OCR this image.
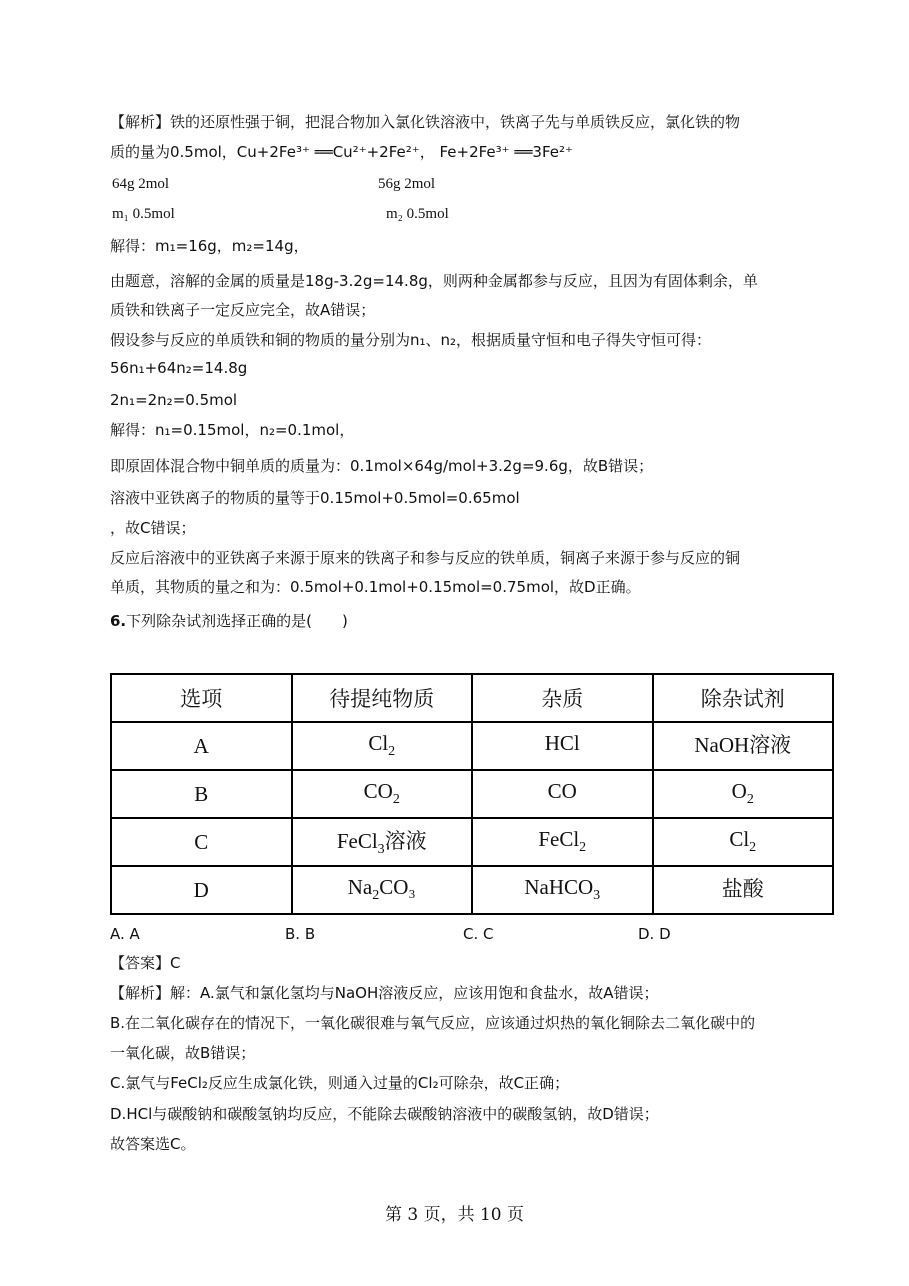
【解析】铁的还原性强于铜，把混合物加入氯化铁溶液中，铁离子先与单质铁反应，氯化铁的物
质的量为0.5mol，Cu+2Fe³⁺ ══Cu²⁺+2Fe²⁺， Fe+2Fe³⁺ ══3Fe²⁺
64g 2mol	56g 2mol
m₁ 0.5mol	m₂ 0.5mol
解得：m₁=16g，m₂=14g，
由题意，溶解的金属的质量是18g-3.2g=14.8g，则两种金属都参与反应，且因为有固体剩余，单
质铁和铁离子一定反应完全，故A错误；
假设参与反应的单质铁和铜的物质的量分别为n₁、n₂，根据质量守恒和电子得失守恒可得：
56n₁+64n₂=14.8g
2n₁=2n₂=0.5mol
解得：n₁=0.15mol，n₂=0.1mol，
即原固体混合物中铜单质的质量为：0.1mol×64g/mol+3.2g=9.6g，故B错误；
溶液中亚铁离子的物质的量等于0.15mol+0.5mol=0.65mol
，故C错误；
反应后溶液中的亚铁离子来源于原来的铁离子和参与反应的铁单质，铜离子来源于参与反应的铜
单质，其物质的量之和为：0.5mol+0.1mol+0.15mol=0.75mol，故D正确。
6.下列除杂试剂选择正确的是(　　)
选项	待提纯物质	杂质	除杂试剂
A	$Cl_2$	HCl	NaOH溶液
B	$CO_2$	CO	$O_2$
C	FeCl$_3$溶液	FeCl$_2$	$Cl_2$
D	$Na_2CO_3$	NaHCO$_3$	盐酸
A. A	B. B	C. C	D. D
【答案】C
【解析】解：A.氯气和氯化氢均与NaOH溶液反应，应该用饱和食盐水，故A错误；
B.在二氧化碳存在的情况下，一氧化碳很难与氧气反应，应该通过炽热的氧化铜除去二氧化碳中的
一氧化碳，故B错误；
C.氯气与FeCl₂反应生成氯化铁，则通入过量的Cl₂可除杂，故C正确；
D.HCl与碳酸钠和碳酸氢钠均反应，不能除去碳酸钠溶液中的碳酸氢钠，故D错误；
故答案选C。
第 3 页，共 10 页
